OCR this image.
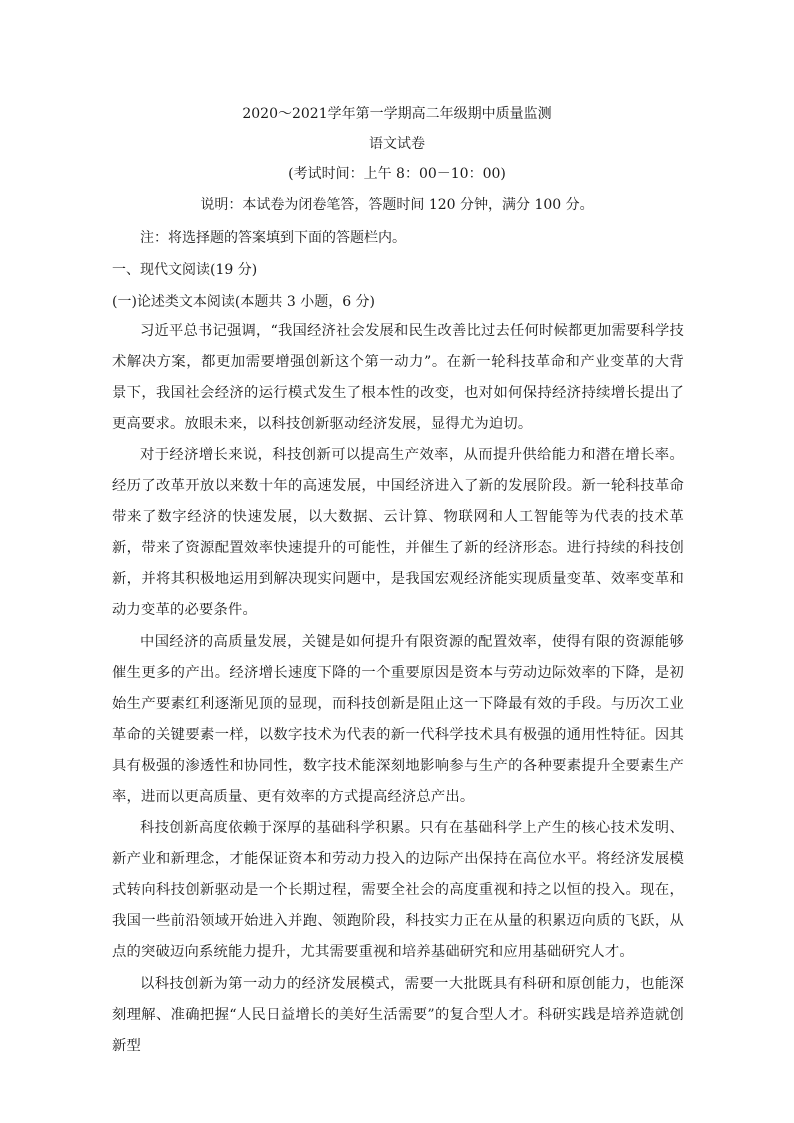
2020～2021学年第一学期高二年级期中质量监测
语文试卷
(考试时间：上午 8：00－10：00)
说明：本试卷为闭卷笔答，答题时间 120 分钟，满分 100 分。
注：将选择题的答案填到下面的答题栏内。
一、现代文阅读(19 分)
(一)论述类文本阅读(本题共 3 小题，6 分)
习近平总书记强调，“我国经济社会发展和民生改善比过去任何时候都更加需要科学技术解决方案，都更加需要增强创新这个第一动力”。在新一轮科技革命和产业变革的大背景下，我国社会经济的运行模式发生了根本性的改变，也对如何保持经济持续增长提出了更高要求。放眼未来，以科技创新驱动经济发展，显得尤为迫切。
对于经济增长来说，科技创新可以提高生产效率，从而提升供给能力和潜在增长率。经历了改革开放以来数十年的高速发展，中国经济进入了新的发展阶段。新一轮科技革命带来了数字经济的快速发展，以大数据、云计算、物联网和人工智能等为代表的技术革新，带来了资源配置效率快速提升的可能性，并催生了新的经济形态。进行持续的科技创新，并将其积极地运用到解决现实问题中，是我国宏观经济能实现质量变革、效率变革和动力变革的必要条件。
中国经济的高质量发展，关键是如何提升有限资源的配置效率，使得有限的资源能够催生更多的产出。经济增长速度下降的一个重要原因是资本与劳动边际效率的下降，是初始生产要素红利逐渐见顶的显现，而科技创新是阻止这一下降最有效的手段。与历次工业革命的关键要素一样，以数字技术为代表的新一代科学技术具有极强的通用性特征。因其具有极强的渗透性和协同性，数字技术能深刻地影响参与生产的各种要素提升全要素生产率，进而以更高质量、更有效率的方式提高经济总产出。
科技创新高度依赖于深厚的基础科学积累。只有在基础科学上产生的核心技术发明、新产业和新理念，才能保证资本和劳动力投入的边际产出保持在高位水平。将经济发展模式转向科技创新驱动是一个长期过程，需要全社会的高度重视和持之以恒的投入。现在，我国一些前沿领域开始进入并跑、领跑阶段，科技实力正在从量的积累迈向质的飞跃，从点的突破迈向系统能力提升，尤其需要重视和培养基础研究和应用基础研究人才。
以科技创新为第一动力的经济发展模式，需要一大批既具有科研和原创能力，也能深刻理解、准确把握“人民日益增长的美好生活需要”的复合型人才。科研实践是培养造就创新型
